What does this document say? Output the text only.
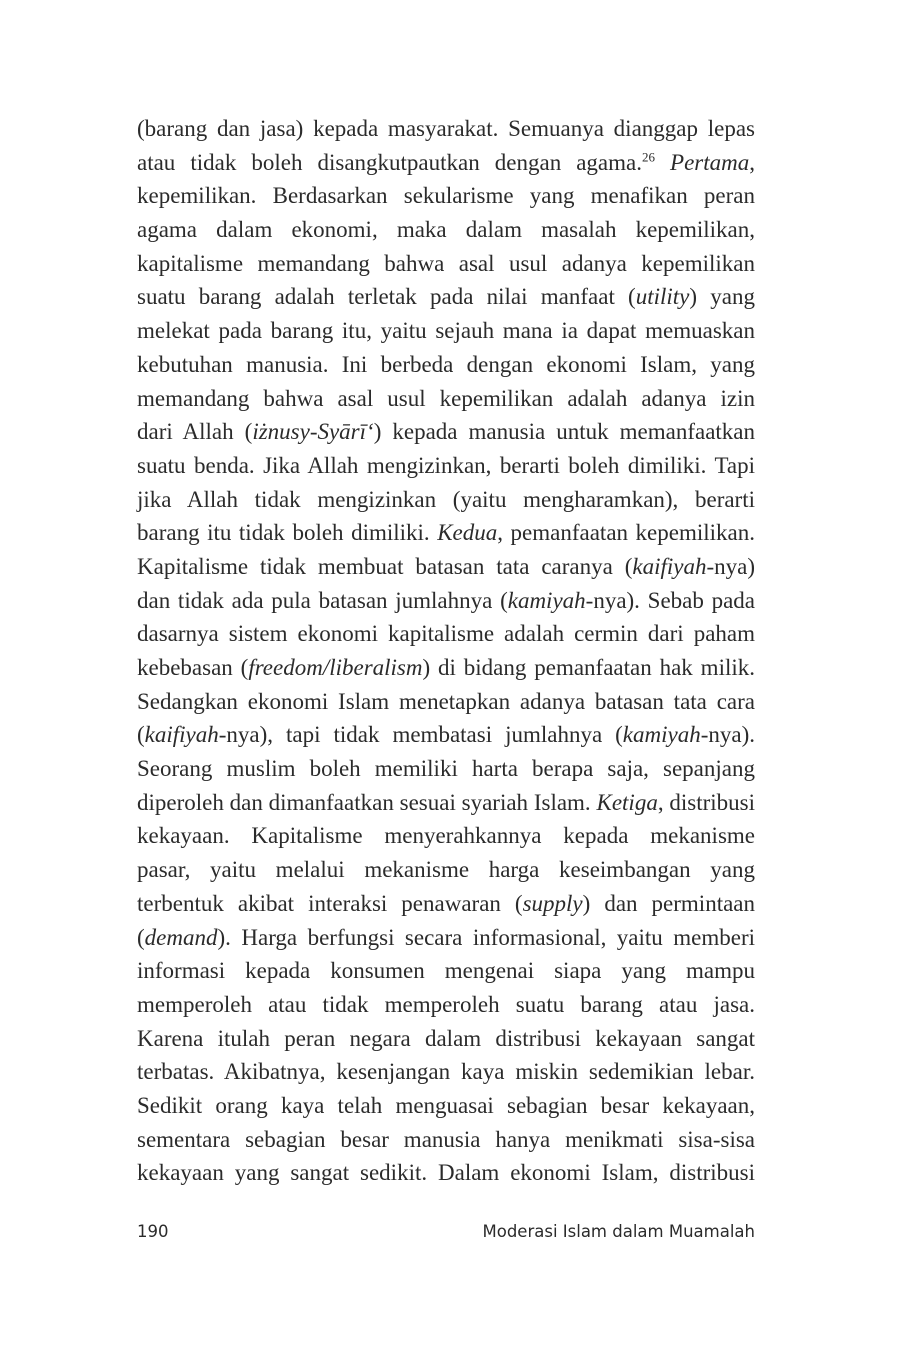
(barang dan jasa) kepada masyarakat. Semuanya dianggap lepas
atau tidak boleh disangkutpautkan dengan agama.$^{26}$ Pertama,
kepemilikan. Berdasarkan sekularisme yang menafikan peran
agama dalam ekonomi, maka dalam masalah kepemilikan,
kapitalisme memandang bahwa asal usul adanya kepemilikan
suatu barang adalah terletak pada nilai manfaat (utility) yang
melekat pada barang itu, yaitu sejauh mana ia dapat memuaskan
kebutuhan manusia. Ini berbeda dengan ekonomi Islam, yang
memandang bahwa asal usul kepemilikan adalah adanya izin
dari Allah (iżnusy-Syārī‘) kepada manusia untuk memanfaatkan
suatu benda. Jika Allah mengizinkan, berarti boleh dimiliki. Tapi
jika Allah tidak mengizinkan (yaitu mengharamkan), berarti
barang itu tidak boleh dimiliki. Kedua, pemanfaatan kepemilikan.
Kapitalisme tidak membuat batasan tata caranya (kaifiyah-nya)
dan tidak ada pula batasan jumlahnya (kamiyah-nya). Sebab pada
dasarnya sistem ekonomi kapitalisme adalah cermin dari paham
kebebasan (freedom/liberalism) di bidang pemanfaatan hak milik.
Sedangkan ekonomi Islam menetapkan adanya batasan tata cara
(kaifiyah-nya), tapi tidak membatasi jumlahnya (kamiyah-nya).
Seorang muslim boleh memiliki harta berapa saja, sepanjang
diperoleh dan dimanfaatkan sesuai syariah Islam. Ketiga, distribusi
kekayaan. Kapitalisme menyerahkannya kepada mekanisme
pasar, yaitu melalui mekanisme harga keseimbangan yang
terbentuk akibat interaksi penawaran (supply) dan permintaan
(demand). Harga berfungsi secara informasional, yaitu memberi
informasi kepada konsumen mengenai siapa yang mampu
memperoleh atau tidak memperoleh suatu barang atau jasa.
Karena itulah peran negara dalam distribusi kekayaan sangat
terbatas. Akibatnya, kesenjangan kaya miskin sedemikian lebar.
Sedikit orang kaya telah menguasai sebagian besar kekayaan,
sementara sebagian besar manusia hanya menikmati sisa-sisa
kekayaan yang sangat sedikit. Dalam ekonomi Islam, distribusi
190	Moderasi Islam dalam Muamalah
